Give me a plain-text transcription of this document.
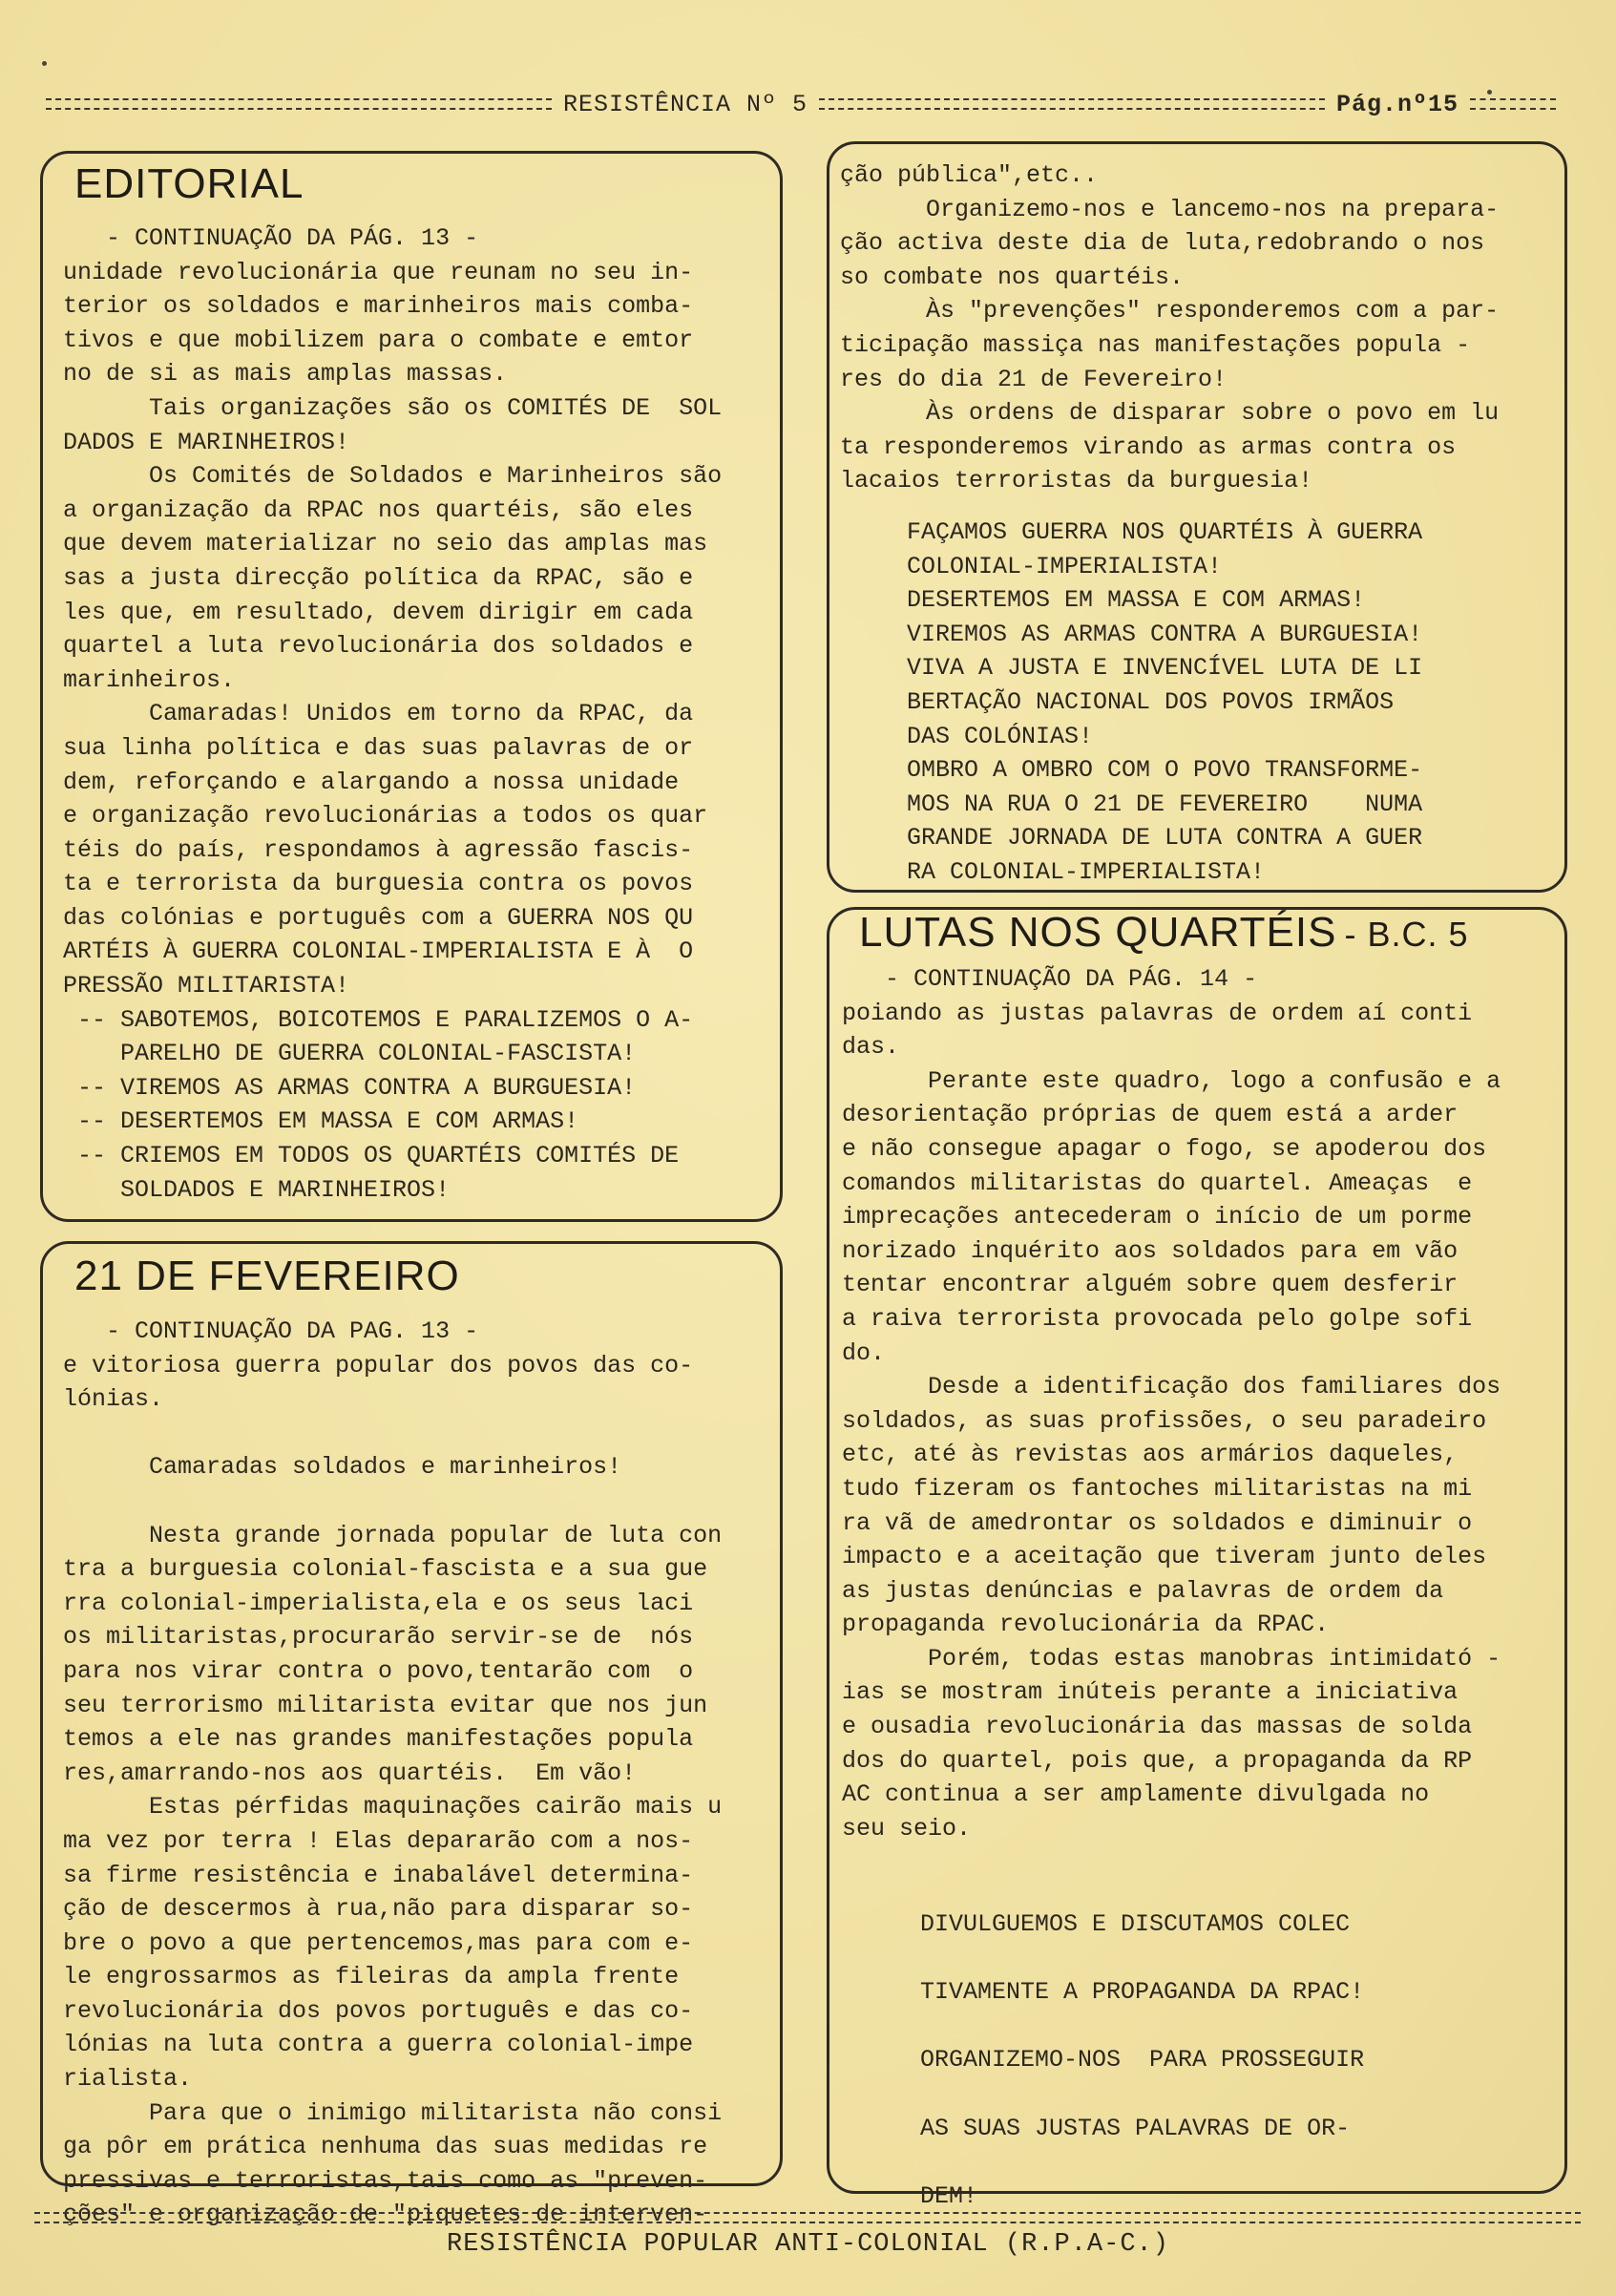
RESISTÊNCIA Nº 5	Pág.nº15
EDITORIAL
- CONTINUAÇÃO DA PÁG. 13 -
unidade revolucionária que reunam no seu in-
terior os soldados e marinheiros mais comba-
tivos e que mobilizem para o combate e emtor
no de si as mais amplas massas.
Tais organizações são os COMITÉS DE  SOL
DADOS E MARINHEIROS!
Os Comités de Soldados e Marinheiros são
a organização da RPAC nos quartéis, são eles
que devem materializar no seio das amplas mas
sas a justa direcção política da RPAC, são e
les que, em resultado, devem dirigir em cada
quartel a luta revolucionária dos soldados e
marinheiros.
Camaradas! Unidos em torno da RPAC, da
sua linha política e das suas palavras de or
dem, reforçando e alargando a nossa unidade
e organização revolucionárias a todos os quar
téis do país, respondamos à agressão fascis-
ta e terrorista da burguesia contra os povos
das colónias e português com a GUERRA NOS QU
ARTÉIS À GUERRA COLONIAL-IMPERIALISTA E À  O
PRESSÃO MILITARISTA!
-- SABOTEMOS, BOICOTEMOS E PARALIZEMOS O A-
PARELHO DE GUERRA COLONIAL-FASCISTA!
-- VIREMOS AS ARMAS CONTRA A BURGUESIA!
-- DESERTEMOS EM MASSA E COM ARMAS!
-- CRIEMOS EM TODOS OS QUARTÉIS COMITÉS DE
SOLDADOS E MARINHEIROS!
21 DE FEVEREIRO
- CONTINUAÇÃO DA PAG. 13 -
e vitoriosa guerra popular dos povos das co-
lónias.

Camaradas soldados e marinheiros!

Nesta grande jornada popular de luta con
tra a burguesia colonial-fascista e a sua gue
rra colonial-imperialista,ela e os seus laci
os militaristas,procurarão servir-se de  nós
para nos virar contra o povo,tentarão com  o
seu terrorismo militarista evitar que nos jun
temos a ele nas grandes manifestações popula
res,amarrando-nos aos quartéis.  Em vão!
Estas pérfidas maquinações cairão mais u
ma vez por terra ! Elas depararão com a nos-
sa firme resistência e inabalável determina-
ção de descermos à rua,não para disparar so-
bre o povo a que pertencemos,mas para com e-
le engrossarmos as fileiras da ampla frente
revolucionária dos povos português e das co-
lónias na luta contra a guerra colonial-impe
rialista.
Para que o inimigo militarista não consi
ga pôr em prática nenhuma das suas medidas re
pressivas e terroristas,tais como as "preven-
ções" e organização de "piquetes de interven-
ção pública",etc..
Organizemo-nos e lancemo-nos na prepara-
ção activa deste dia de luta,redobrando o nos
so combate nos quartéis.
Às "prevenções" responderemos com a par-
ticipação massiça nas manifestações popula -
res do dia 21 de Fevereiro!
Às ordens de disparar sobre o povo em lu
ta responderemos virando as armas contra os
lacaios terroristas da burguesia!
FAÇAMOS GUERRA NOS QUARTÉIS À GUERRA
COLONIAL-IMPERIALISTA!
DESERTEMOS EM MASSA E COM ARMAS!
VIREMOS AS ARMAS CONTRA A BURGUESIA!
VIVA A JUSTA E INVENCÍVEL LUTA DE LI
BERTAÇÃO NACIONAL DOS POVOS IRMÃOS
DAS COLÓNIAS!
OMBRO A OMBRO COM O POVO TRANSFORME-
MOS NA RUA O 21 DE FEVEREIRO    NUMA
GRANDE JORNADA DE LUTA CONTRA A GUER
RA COLONIAL-IMPERIALISTA!
LUTAS NOS QUARTÉIS - B.C. 5
- CONTINUAÇÃO DA PÁG. 14 -
poiando as justas palavras de ordem aí conti
das.
Perante este quadro, logo a confusão e a
desorientação próprias de quem está a arder
e não consegue apagar o fogo, se apoderou dos
comandos militaristas do quartel. Ameaças  e
imprecações antecederam o início de um porme
norizado inquérito aos soldados para em vão
tentar encontrar alguém sobre quem desferir
a raiva terrorista provocada pelo golpe sofi
do.
Desde a identificação dos familiares dos
soldados, as suas profissões, o seu paradeiro
etc, até às revistas aos armários daqueles,
tudo fizeram os fantoches militaristas na mi
ra vã de amedrontar os soldados e diminuir o
impacto e a aceitação que tiveram junto deles
as justas denúncias e palavras de ordem da
propaganda revolucionária da RPAC.
Porém, todas estas manobras intimidató -
ias se mostram inúteis perante a iniciativa
e ousadia revolucionária das massas de solda
dos do quartel, pois que, a propaganda da RP
AC continua a ser amplamente divulgada no
seu seio.
DIVULGUEMOS E DISCUTAMOS COLEC

TIVAMENTE A PROPAGANDA DA RPAC!

ORGANIZEMO-NOS  PARA PROSSEGUIR

AS SUAS JUSTAS PALAVRAS DE OR-

DEM!
RESISTÊNCIA POPULAR ANTI-COLONIAL (R.P.A-C.)
